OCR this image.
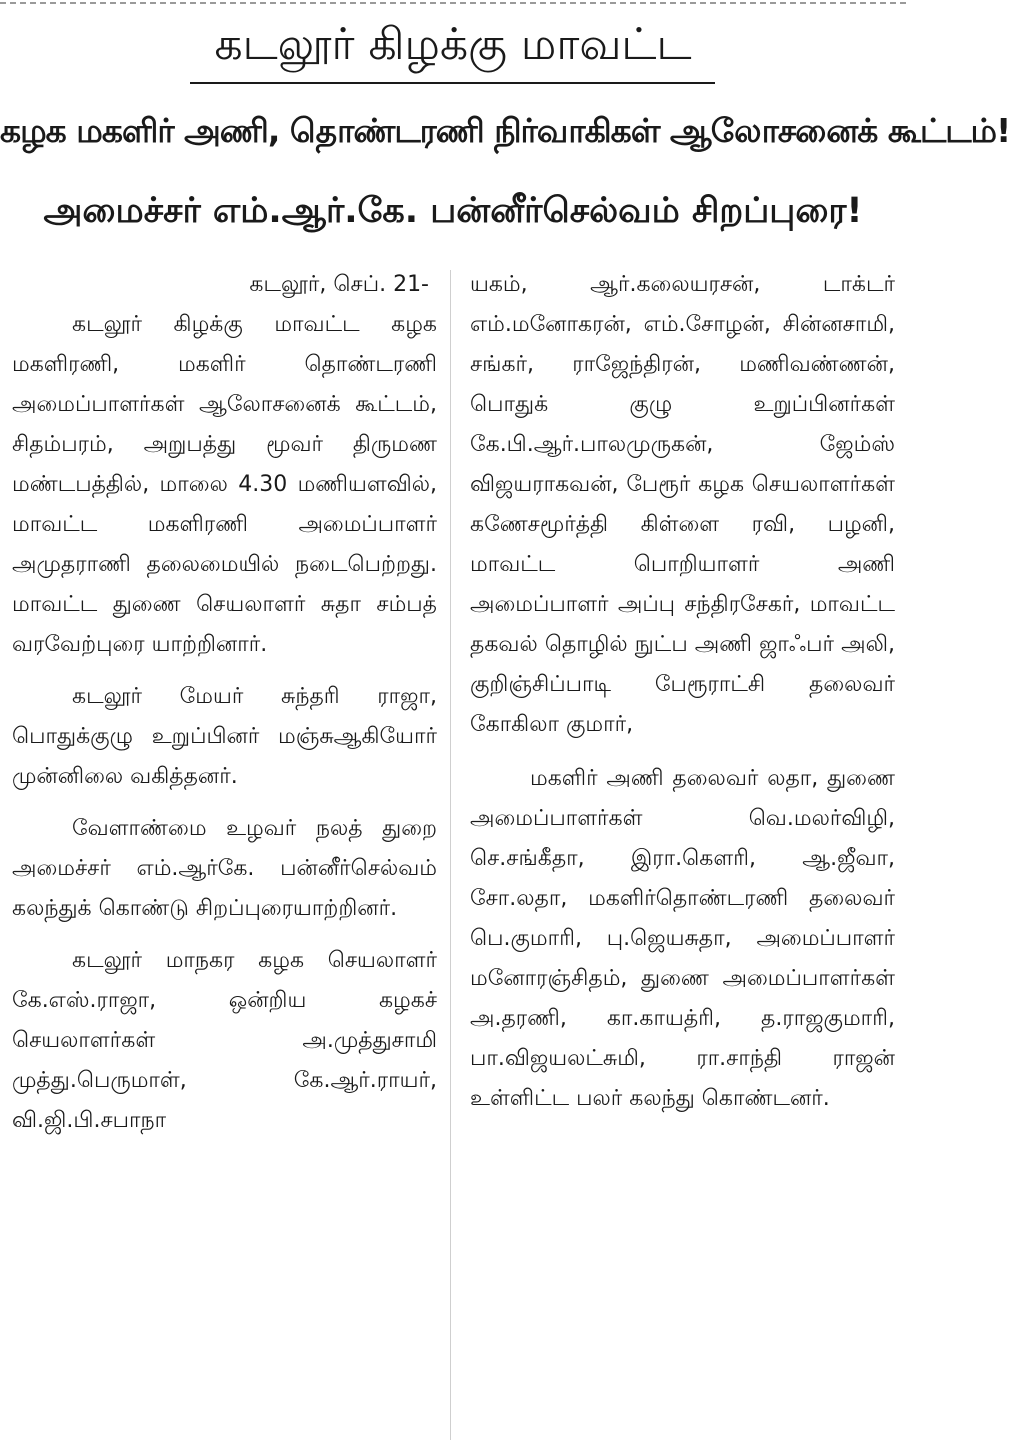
கடலூர் கிழக்கு மாவட்ட
கழக மகளிர் அணி, தொண்டரணி நிர்வாகிகள் ஆலோசனைக் கூட்டம்!
அமைச்சர் எம்.ஆர்.கே. பன்னீர்செல்வம் சிறப்புரை!

கடலூர், செப். 21-

கடலூர் கிழக்கு மாவட்ட கழக மகளிரணி, மகளிர் தொண்டரணி அமைப்பாளர்கள் ஆலோசனைக் கூட்டம், சிதம்பரம், அறுபத்து மூவர் திருமண மண்டபத்தில், மாலை 4.30 மணியளவில், மாவட்ட மகளிரணி அமைப்பாளர் அமுதராணி தலைமையில் நடைபெற்றது. மாவட்ட துணை செயலாளர் சுதா சம்பத் வரவேற்புரை யாற்றினார்.

கடலூர் மேயர் சுந்தரி ராஜா, பொதுக்குழு உறுப்பினர் மஞ்சுஆகியோர் முன்னிலை வகித்தனர்.

வேளாண்மை உழவர் நலத் துறை அமைச்சர் எம்.ஆர்கே. பன்னீர்செல்வம் கலந்துக் கொண்டு சிறப்புரையாற்றினர்.

கடலூர் மாநகர கழக செயலாளர் கே.எஸ்.ராஜா, ஒன்றிய கழகச் செயலாளர்கள் அ.முத்துசாமி முத்து.பெருமாள், கே.ஆர்.ராயர், வி.ஜி.பி.சபாநா

யகம், ஆர்.கலையரசன், டாக்டர் எம்.மனோகரன், எம்.சோழன், சின்னசாமி, சங்கர், ராஜேந்திரன், மணிவண்ணன், பொதுக் குழு உறுப்பினர்கள் கே.பி.ஆர்.பாலமுருகன், ஜேம்ஸ் விஜயராகவன், பேரூர் கழக செயலாளர்கள் கணேசமூர்த்தி கிள்ளை ரவி, பழனி, மாவட்ட பொறியாளர் அணி அமைப்பாளர் அப்பு சந்திரசேகர், மாவட்ட தகவல் தொழில் நுட்ப அணி ஜாஃபர் அலி, குறிஞ்சிப்பாடி பேரூராட்சி தலைவர் கோகிலா குமார்,

மகளிர் அணி தலைவர் லதா, துணை அமைப்பாளர்கள் வெ.மலர்விழி, செ.சங்கீதா, இரா.கௌரி, ஆ.ஜீவா, சோ.லதா, மகளிர்தொண்டரணி தலைவர் பெ.குமாரி, பு.ஜெயசுதா, அமைப்பாளர் மனோரஞ்சிதம், துணை அமைப்பாளர்கள் அ.தரணி, கா.காயத்ரி, த.ராஜகுமாரி, பா.விஜயலட்சுமி, ரா.சாந்தி ராஜன் உள்ளிட்ட பலர் கலந்து கொண்டனர்.
